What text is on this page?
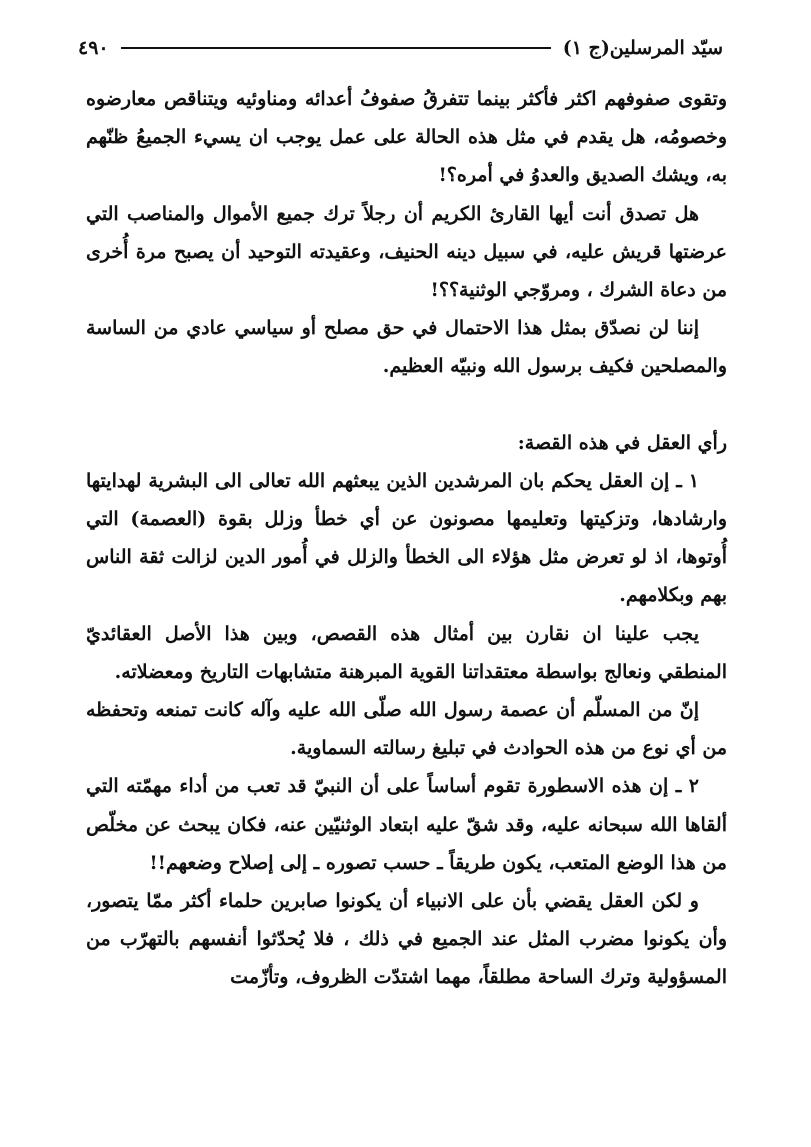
سيّد المرسلين(ج ١)
٤٩٠

وتقوى صفوفهم اكثر فأكثر بينما تتفرقُ صفوفُ أعدائه ومناوئيه ويتناقص معارضوه وخصومُه، هل يقدم في مثل هذه الحالة على عمل يوجب ان يسيء الجميعُ ظنّهم به، ويشك الصديق والعدوُ في أمره؟!

هل تصدق أنت أيها القارئ الكريم أن رجلاً ترك جميع الأموال والمناصب التي عرضتها قريش عليه، في سبيل دينه الحنيف، وعقيدته التوحيد أن يصبح مرة أُخرى من دعاة الشرك ، ومروّجي الوثنية؟؟!

إننا لن نصدّق بمثل هذا الاحتمال في حق مصلح أو سياسي عادي من الساسة والمصلحين فكيف برسول الله ونبيّه العظيم.

رأي العقل في هذه القصة:

١ ـ إن العقل يحكم بان المرشدين الذين يبعثهم الله تعالى الى البشرية لهدايتها وارشادها، وتزكيتها وتعليمها مصونون عن أي خطأ وزلل بقوة (العصمة) التي أُوتوها، اذ لو تعرض مثل هؤلاء الى الخطأ والزلل في أُمور الدين لزالت ثقة الناس بهم وبكلامهم.

يجب علينا ان نقارن بين أمثال هذه القصص، وبين هذا الأصل العقائديّ المنطقي ونعالج بواسطة معتقداتنا القوية المبرهنة متشابهات التاريخ ومعضلاته.

إنّ من المسلّم أن عصمة رسول الله صلّى الله عليه وآله كانت تمنعه وتحفظه من أي نوع من هذه الحوادث في تبليغ رسالته السماوية.

٢ ـ إن هذه الاسطورة تقوم أساساً على أن النبيّ قد تعب من أداء مهمّته التي ألقاها الله سبحانه عليه، وقد شقّ عليه ابتعاد الوثنيّين عنه، فكان يبحث عن مخلّص من هذا الوضع المتعب، يكون طريقاً ـ حسب تصوره ـ إلى إصلاح وضعهم!!

و لكن العقل يقضي بأن على الانبياء أن يكونوا صابرين حلماء أكثر ممّا يتصور، وأن يكونوا مضرب المثل عند الجميع في ذلك ، فلا يُحدّثوا أنفسهم بالتهرّب من المسؤولية وترك الساحة مطلقاً، مهما اشتدّت الظروف، وتأزّمت
